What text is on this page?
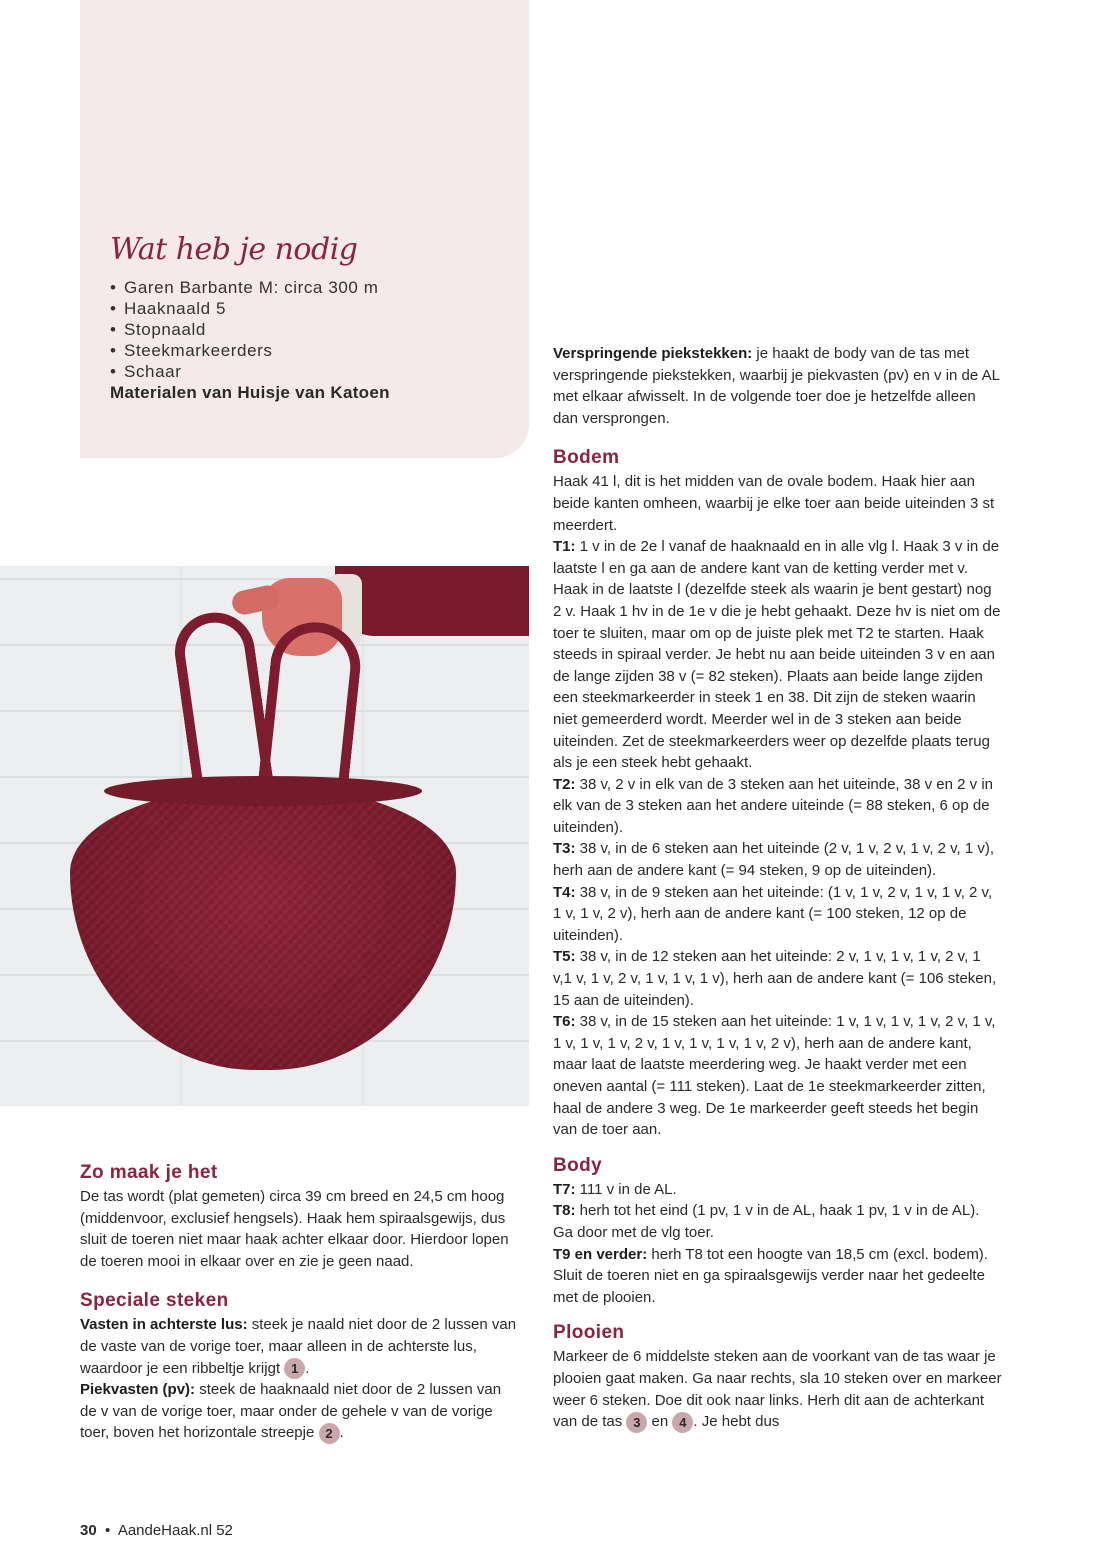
Wat heb je nodig
• Garen Barbante M: circa 300 m
• Haaknaald 5
• Stopnaald
• Steekmarkeerders
• Schaar
Materialen van Huisje van Katoen
Zo maak je het

De tas wordt (plat gemeten) circa 39 cm breed en 24,5 cm hoog (middenvoor, exclusief hengsels). Haak hem spiraalsgewijs, dus sluit de toeren niet maar haak achter elkaar door. Hierdoor lopen de toeren mooi in elkaar over en zie je geen naad.

Speciale steken

Vasten in achterste lus: steek je naald niet door de 2 lussen van de vaste van de vorige toer, maar alleen in de achterste lus, waardoor je een ribbeltje krijgt 1 .

Piekvasten (pv): steek de haaknaald niet door de 2 lussen van de v van de vorige toer, maar onder de gehele v van de vorige toer, boven het horizontale streepje 2 .

Verspringende piekstekken: je haakt de body van de tas met verspringende piekstekken, waarbij je piekvasten (pv) en v in de AL met elkaar afwisselt. In de volgende toer doe je hetzelfde alleen dan versprongen.

Bodem

Haak 41 l, dit is het midden van de ovale bodem. Haak hier aan beide kanten omheen, waarbij je elke toer aan beide uiteinden 3 st meerdert.

T1: 1 v in de 2e l vanaf de haaknaald en in alle vlg l. Haak 3 v in de laatste l en ga aan de andere kant van de ketting verder met v. Haak in de laatste l (dezelfde steek als waarin je bent gestart) nog 2 v. Haak 1 hv in de 1e v die je hebt gehaakt. Deze hv is niet om de toer te sluiten, maar om op de juiste plek met T2 te starten. Haak steeds in spiraal verder. Je hebt nu aan beide uiteinden 3 v en aan de lange zijden 38 v (= 82 steken). Plaats aan beide lange zijden een steekmarkeerder in steek 1 en 38. Dit zijn de steken waarin niet gemeerderd wordt. Meerder wel in de 3 steken aan beide uiteinden. Zet de steekmarkeerders weer op dezelfde plaats terug als je een steek hebt gehaakt.

T2: 38 v, 2 v in elk van de 3 steken aan het uiteinde, 38 v en 2 v in elk van de 3 steken aan het andere uiteinde (= 88 steken, 6 op de uiteinden).

T3: 38 v, in de 6 steken aan het uiteinde (2 v, 1 v, 2 v, 1 v, 2 v, 1 v), herh aan de andere kant (= 94 steken, 9 op de uiteinden).

T4: 38 v, in de 9 steken aan het uiteinde: (1 v, 1 v, 2 v, 1 v, 1 v, 2 v, 1 v, 1 v, 2 v), herh aan de andere kant (= 100 steken, 12 op de uiteinden).

T5: 38 v, in de 12 steken aan het uiteinde: 2 v, 1 v, 1 v, 1 v, 2 v, 1 v,1 v, 1 v, 2 v, 1 v, 1 v, 1 v), herh aan de andere kant (= 106 steken, 15 aan de uiteinden).

T6: 38 v, in de 15 steken aan het uiteinde: 1 v, 1 v, 1 v, 1 v, 2 v, 1 v, 1 v, 1 v, 1 v, 2 v, 1 v, 1 v, 1 v, 1 v, 2 v), herh aan de andere kant, maar laat de laatste meerdering weg. Je haakt verder met een oneven aantal (= 111 steken). Laat de 1e steekmarkeerder zitten, haal de andere 3 weg. De 1e markeerder geeft steeds het begin van de toer aan.

Body

T7: 111 v in de AL.

T8: herh tot het eind (1 pv, 1 v in de AL, haak 1 pv, 1 v in de AL). Ga door met de vlg toer.

T9 en verder: herh T8 tot een hoogte van 18,5 cm (excl. bodem). Sluit de toeren niet en ga spiraalsgewijs verder naar het gedeelte met de plooien.

Plooien

Markeer de 6 middelste steken aan de voorkant van de tas waar je plooien gaat maken. Ga naar rechts, sla 10 steken over en markeer weer 6 steken. Doe dit ook naar links. Herh dit aan de achterkant van de tas 3 en 4 . Je hebt dus

30 • AandeHaak.nl 52
